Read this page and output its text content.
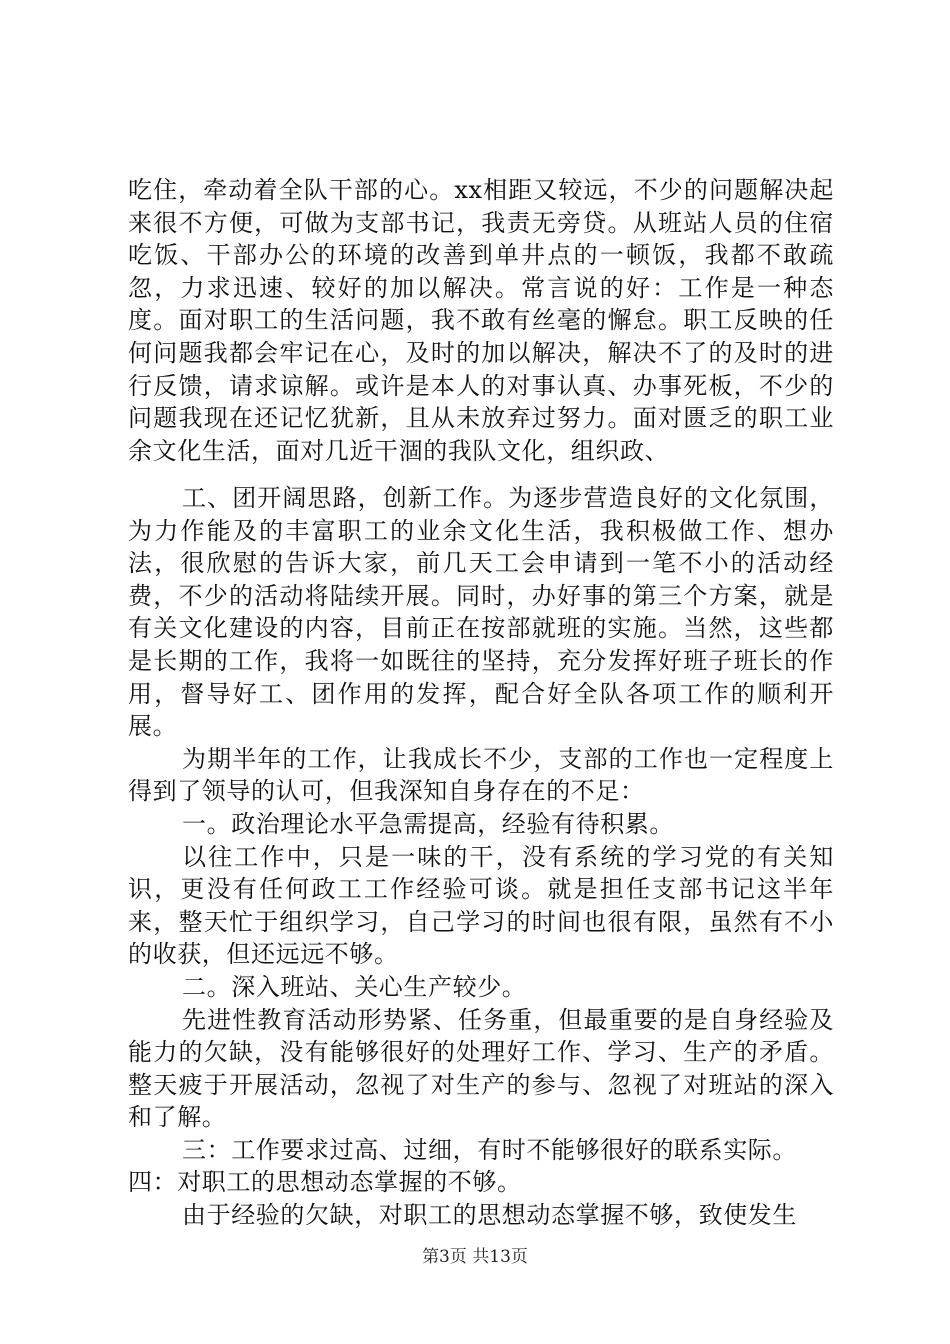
吃住，牵动着全队干部的心。xx相距又较远，不少的问题解决起来很不方便，可做为支部书记，我责无旁贷。从班站人员的住宿吃饭、干部办公的环境的改善到单井点的一顿饭，我都不敢疏忽，力求迅速、较好的加以解决。常言说的好：工作是一种态度。面对职工的生活问题，我不敢有丝毫的懈怠。职工反映的任何问题我都会牢记在心，及时的加以解决，解决不了的及时的进行反馈，请求谅解。或许是本人的对事认真、办事死板，不少的问题我现在还记忆犹新，且从未放弃过努力。面对匮乏的职工业余文化生活，面对几近干涸的我队文化，组织政、

工、团开阔思路，创新工作。为逐步营造良好的文化氛围，为力作能及的丰富职工的业余文化生活，我积极做工作、想办法，很欣慰的告诉大家，前几天工会申请到一笔不小的活动经费，不少的活动将陆续开展。同时，办好事的第三个方案，就是有关文化建设的内容，目前正在按部就班的实施。当然，这些都是长期的工作，我将一如既往的坚持，充分发挥好班子班长的作用，督导好工、团作用的发挥，配合好全队各项工作的顺利开展。

为期半年的工作，让我成长不少，支部的工作也一定程度上得到了领导的认可，但我深知自身存在的不足：

一。政治理论水平急需提高，经验有待积累。

以往工作中，只是一味的干，没有系统的学习党的有关知识，更没有任何政工工作经验可谈。就是担任支部书记这半年来，整天忙于组织学习，自己学习的时间也很有限，虽然有不小的收获，但还远远不够。

二。深入班站、关心生产较少。

先进性教育活动形势紧、任务重，但最重要的是自身经验及能力的欠缺，没有能够很好的处理好工作、学习、生产的矛盾。整天疲于开展活动，忽视了对生产的参与、忽视了对班站的深入和了解。

三：工作要求过高、过细，有时不能够很好的联系实际。

四：对职工的思想动态掌握的不够。

由于经验的欠缺，对职工的思想动态掌握不够，致使发生

第3页 共13页
